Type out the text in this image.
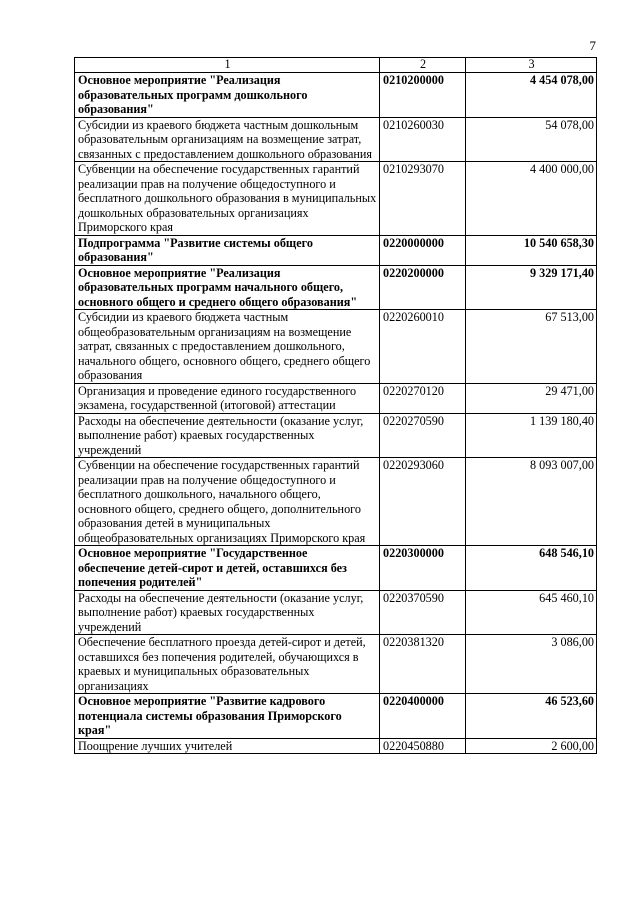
7
1	2	3
Основное мероприятие "Реализация образовательных программ дошкольного образования"	0210200000	4 454 078,00
Субсидии из краевого бюджета частным дошкольным образовательным организациям на возмещение затрат, связанных с предоставлением дошкольного образования	0210260030	54 078,00
Субвенции на обеспечение государственных гарантий реализации прав на получение общедоступного и бесплатного дошкольного образования в муниципальных дошкольных образовательных организациях Приморского края	0210293070	4 400 000,00
Подпрограмма "Развитие системы общего образования"	0220000000	10 540 658,30
Основное мероприятие "Реализация образовательных программ начального общего, основного общего и среднего общего образования"	0220200000	9 329 171,40
Субсидии из краевого бюджета частным общеобразовательным организациям на возмещение затрат, связанных с предоставлением дошкольного, начального общего, основного общего, среднего общего образования	0220260010	67 513,00
Организация и проведение единого государственного экзамена, государственной (итоговой) аттестации	0220270120	29 471,00
Расходы на обеспечение деятельности (оказание услуг, выполнение работ) краевых государственных учреждений	0220270590	1 139 180,40
Субвенции на обеспечение государственных гарантий реализации прав на получение общедоступного и бесплатного дошкольного, начального общего, основного общего, среднего общего, дополнительного образования детей в муниципальных общеобразовательных организациях Приморского края	0220293060	8 093 007,00
Основное мероприятие "Государственное обеспечение детей-сирот и детей, оставшихся без попечения родителей"	0220300000	648 546,10
Расходы на обеспечение деятельности (оказание услуг, выполнение работ) краевых государственных учреждений	0220370590	645 460,10
Обеспечение бесплатного проезда детей-сирот и детей, оставшихся без попечения родителей, обучающихся в краевых и муниципальных образовательных организациях	0220381320	3 086,00
Основное мероприятие "Развитие кадрового потенциала системы образования Приморского края"	0220400000	46 523,60
Поощрение лучших учителей	0220450880	2 600,00
